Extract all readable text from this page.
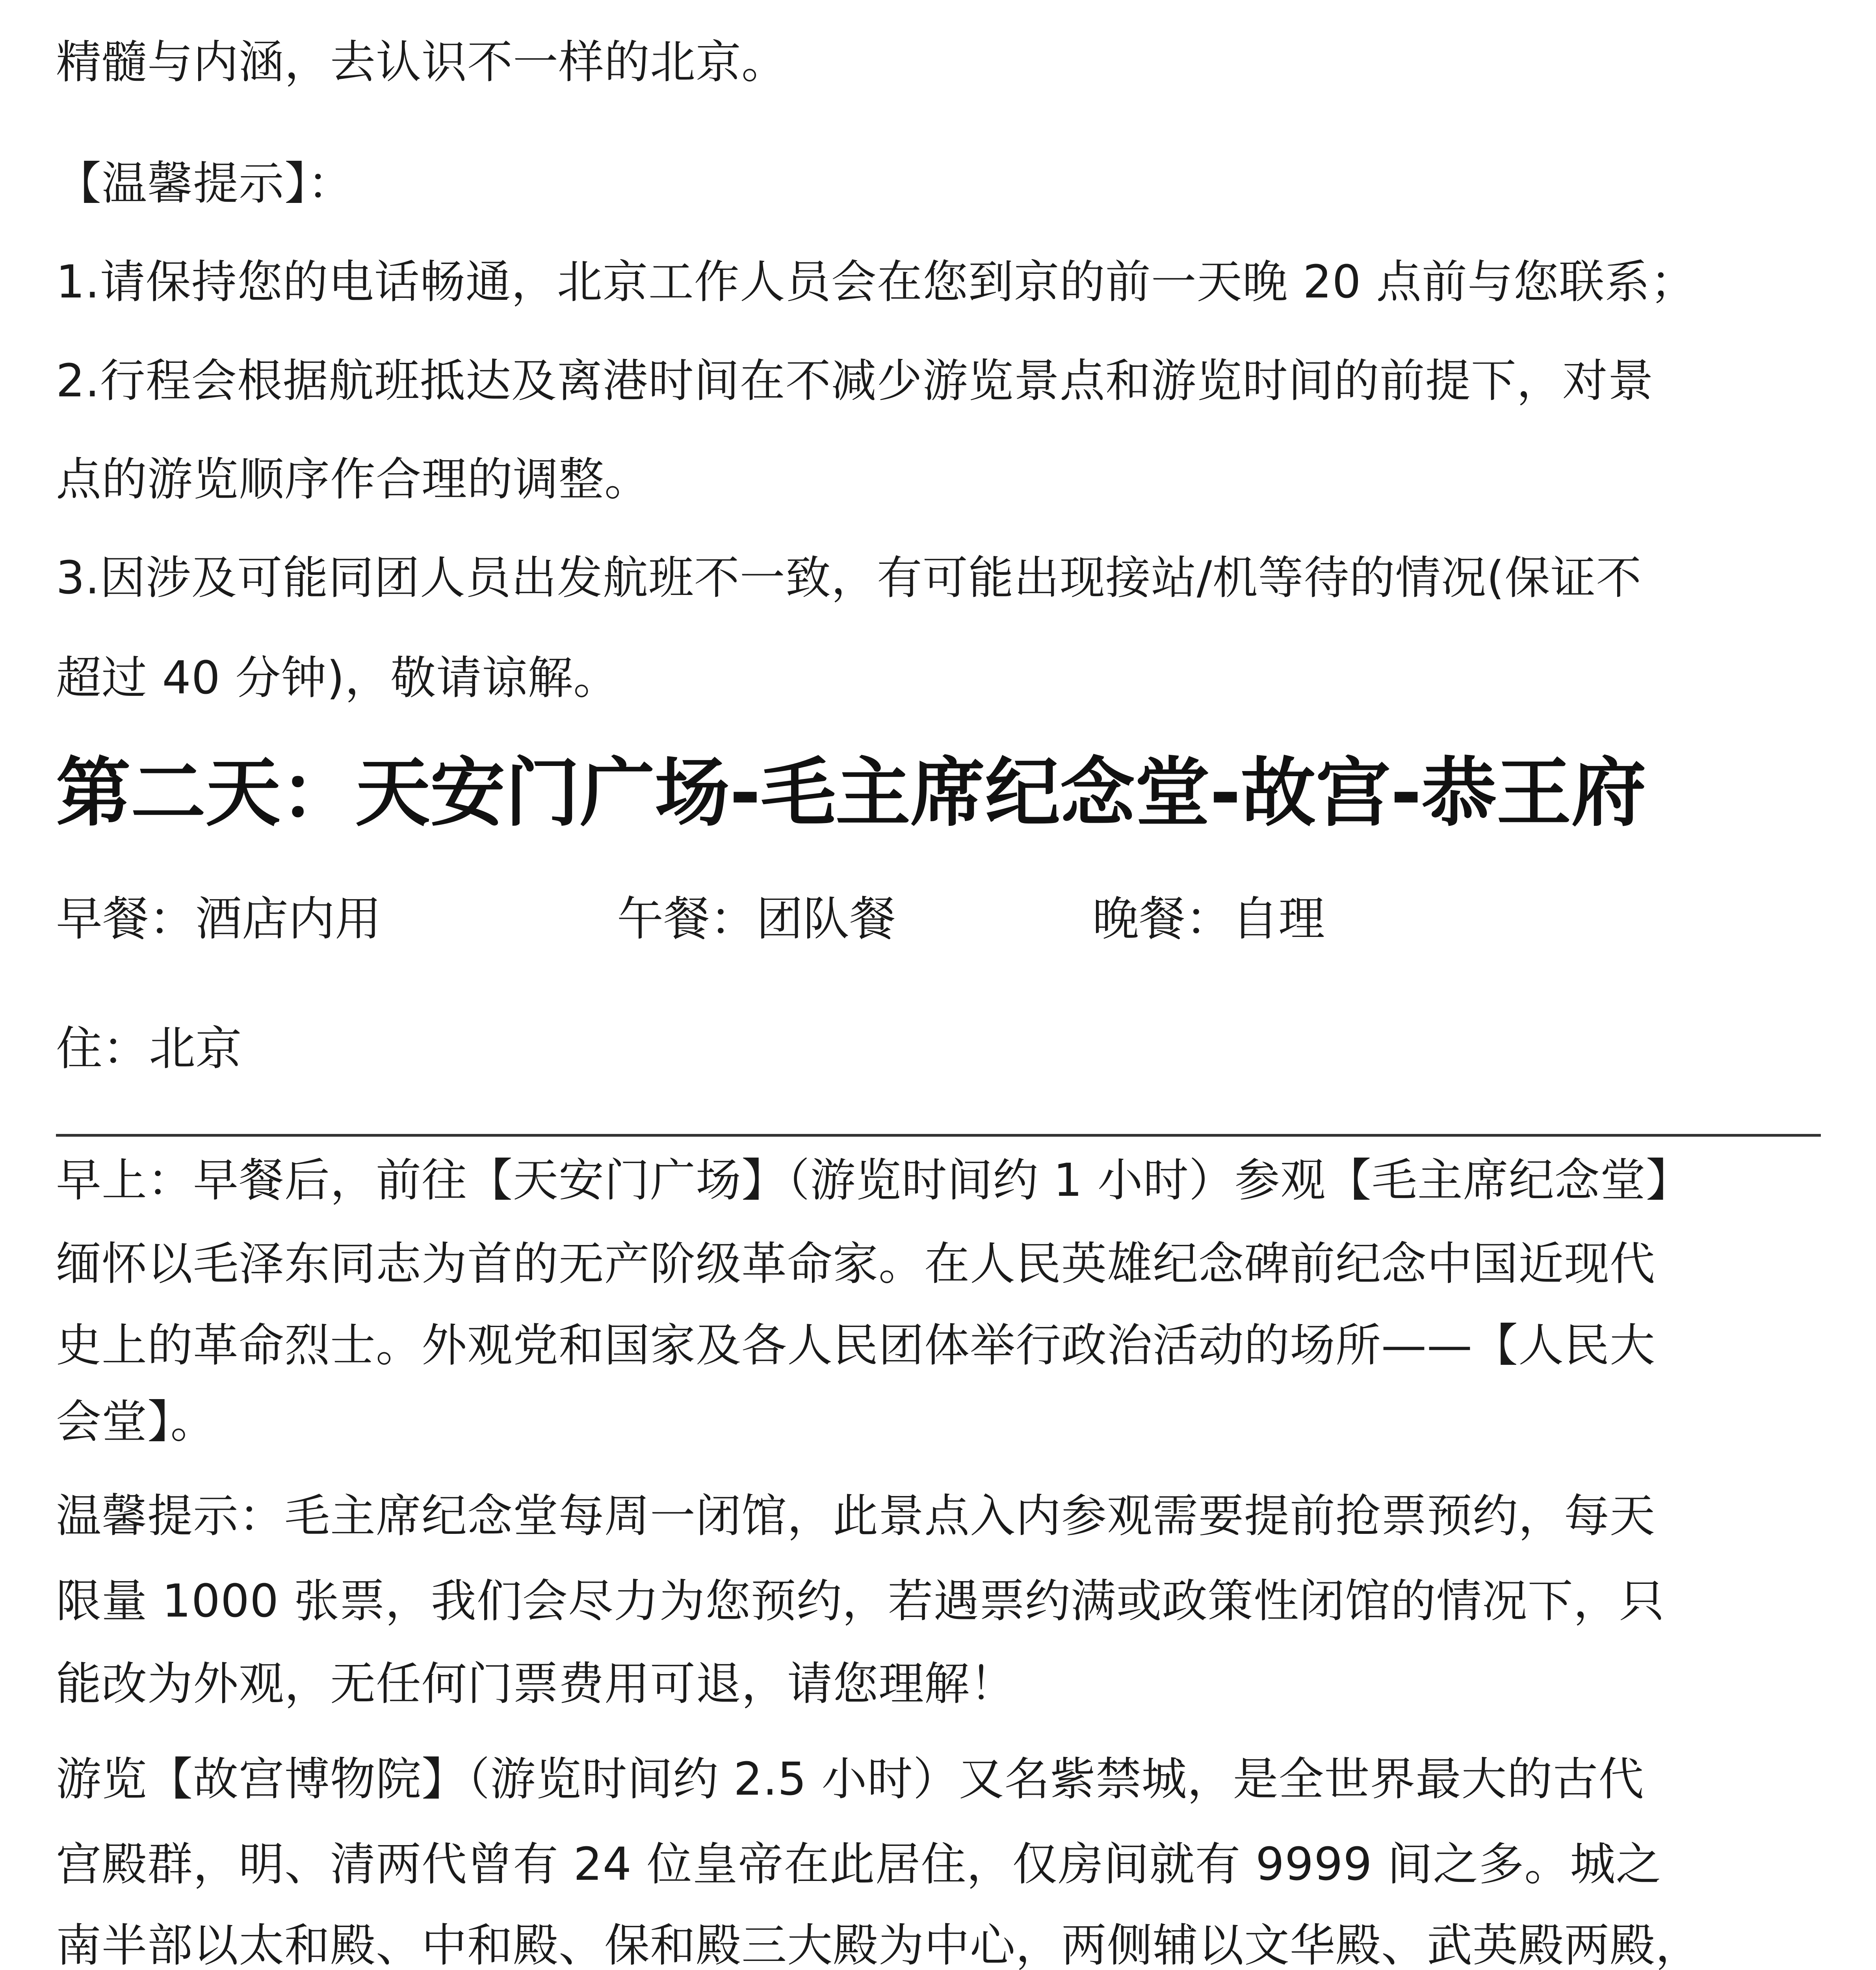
精髓与内涵，去认识不一样的北京。
【温馨提示】：
1.请保持您的电话畅通，北京工作人员会在您到京的前一天晚 20 点前与您联系；
2.行程会根据航班抵达及离港时间在不减少游览景点和游览时间的前提下，对景
点的游览顺序作合理的调整。
3.因涉及可能同团人员出发航班不一致，有可能出现接站/机等待的情况(保证不
超过 40 分钟)，敬请谅解。
第二天：天安门广场-毛主席纪念堂-故宫-恭王府
早餐：酒店内用	午餐：团队餐	晚餐：自理
住：北京
早上：早餐后，前往【天安门广场】（游览时间约 1 小时）参观【毛主席纪念堂】
缅怀以毛泽东同志为首的无产阶级革命家。在人民英雄纪念碑前纪念中国近现代
史上的革命烈士。外观党和国家及各人民团体举行政治活动的场所——【人民大
会堂】。
温馨提示：毛主席纪念堂每周一闭馆，此景点入内参观需要提前抢票预约，每天
限量 1000 张票，我们会尽力为您预约，若遇票约满或政策性闭馆的情况下，只
能改为外观，无任何门票费用可退，请您理解！
游览【故宫博物院】（游览时间约 2.5 小时）又名紫禁城，是全世界最大的古代
宫殿群，明、清两代曾有 24 位皇帝在此居住，仅房间就有 9999 间之多。城之
南半部以太和殿、中和殿、保和殿三大殿为中心，两侧辅以文华殿、武英殿两殿，
